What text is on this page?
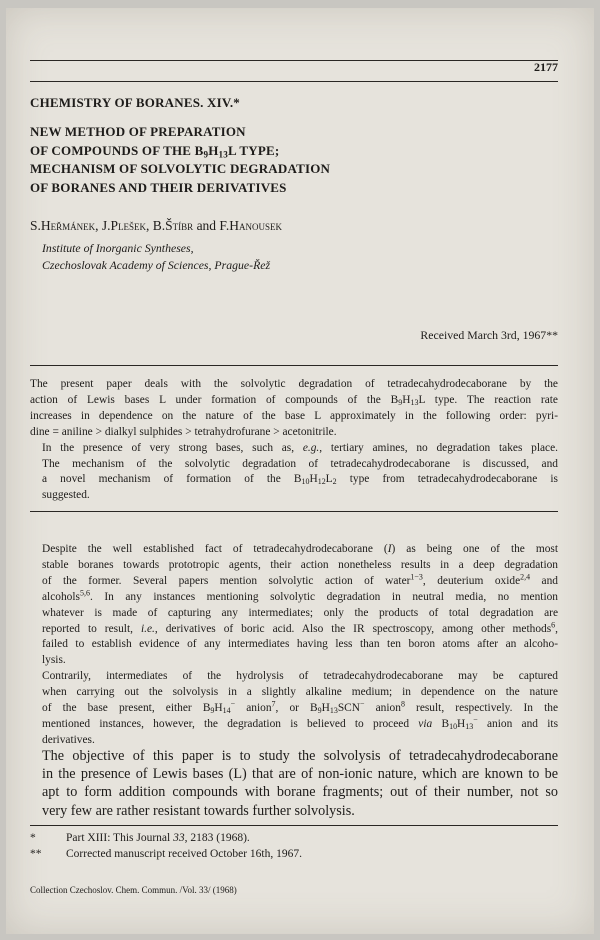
2177
CHEMISTRY OF BORANES. XIV.*
NEW METHOD OF PREPARATION
OF COMPOUNDS OF THE $B_9H_{13}L$ TYPE;
MECHANISM OF SOLVOLYTIC DEGRADATION
OF BORANES AND THEIR DERIVATIVES
S.Heřmánek, J.Plešek, B.Štíbr and F.Hanousek
Institute of Inorganic Syntheses,
Czechoslovak Academy of Sciences, Prague-Řež
Received March 3rd, 1967**

The present paper deals with the solvolytic degradation of tetradecahydrodecaborane by the
action of Lewis bases L under formation of compounds of the $B_9H_{13}L$ type. The reaction rate
increases in dependence on the nature of the base L approximately in the following order: pyri-
dine = aniline > dialkyl sulphides > tetrahydrofurane > acetonitrile.

In the presence of very strong bases, such as, e.g., tertiary amines, no degradation takes place.
The mechanism of the solvolytic degradation of tetradecahydrodecaborane is discussed, and
a novel mechanism of formation of the $B_{10}H_{12}L_2$ type from tetradecahydrodecaborane is
suggested.

Despite the well established fact of tetradecahydrodecaborane (I) as being one of the most
stable boranes towards prototropic agents, their action nonetheless results in a deep degradation
of the former. Several papers mention solvolytic action of water$^{1-3}$, deuterium oxide$^{2,4}$ and
alcohols$^{5,6}$. In any instances mentioning solvolytic degradation in neutral media, no mention
whatever is made of capturing any intermediates; only the products of total degradation are
reported to result, i.e., derivatives of boric acid. Also the IR spectroscopy, among other methods$^6$,
failed to establish evidence of any intermediates having less than ten boron atoms after an alcoho-
lysis.

Contrarily, intermediates of the hydrolysis of tetradecahydrodecaborane may be captured
when carrying out the solvolysis in a slightly alkaline medium; in dependence on the nature
of the base present, either $B_9H_{14}^-$ anion$^7$, or $B_9H_{13}SCN^-$ anion$^8$ result, respectively. In the
mentioned instances, however, the degradation is believed to proceed via $B_{10}H_{13}^-$ anion and its
derivatives.

The objective of this paper is to study the solvolysis of tetradecahydrodecaborane
in the presence of Lewis bases (L) that are of non-ionic nature, which are known to be
apt to form addition compounds with borane fragments; out of their number, not so
very few are rather resistant towards further solvolysis.

*	Part XIII: This Journal 33, 2183 (1968).
** Corrected manuscript received October 16th, 1967.
Collection Czechoslov. Chem. Commun. /Vol. 33/ (1968)
